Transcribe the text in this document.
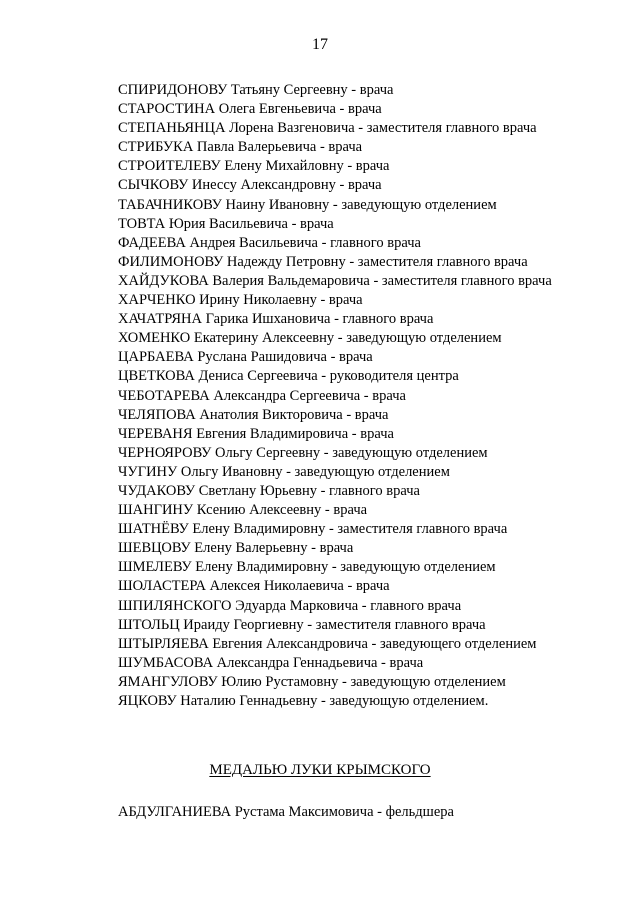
17
СПИРИДОНОВУ Татьяну Сергеевну - врача
СТАРОСТИНА Олега Евгеньевича - врача
СТЕПАНЬЯНЦА Лорена Вазгеновича - заместителя главного врача
СТРИБУКА Павла Валерьевича - врача
СТРОИТЕЛЕВУ Елену Михайловну - врача
СЫЧКОВУ Инессу Александровну - врача
ТАБАЧНИКОВУ Наину Ивановну - заведующую отделением
ТОВТА Юрия Васильевича - врача
ФАДЕЕВА Андрея Васильевича - главного врача
ФИЛИМОНОВУ Надежду Петровну - заместителя главного врача
ХАЙДУКОВА Валерия Вальдемаровича - заместителя главного врача
ХАРЧЕНКО Ирину Николаевну - врача
ХАЧАТРЯНА Гарика Ишхановича - главного врача
ХОМЕНКО Екатерину Алексеевну - заведующую отделением
ЦАРБАЕВА Руслана Рашидовича - врача
ЦВЕТКОВА Дениса Сергеевича - руководителя центра
ЧЕБОТАРЕВА Александра Сергеевича - врача
ЧЕЛЯПОВА Анатолия Викторовича - врача
ЧЕРЕВАНЯ Евгения Владимировича - врача
ЧЕРНОЯРОВУ Ольгу Сергеевну - заведующую отделением
ЧУГИНУ Ольгу Ивановну - заведующую отделением
ЧУДАКОВУ Светлану Юрьевну - главного врача
ШАНГИНУ Ксению Алексеевну - врача
ШАТНЁВУ Елену Владимировну - заместителя главного врача
ШЕВЦОВУ Елену Валерьевну - врача
ШМЕЛЕВУ Елену Владимировну - заведующую отделением
ШОЛАСТЕРА Алексея Николаевича - врача
ШПИЛЯНСКОГО Эдуарда Марковича - главного врача
ШТОЛЬЦ Ираиду Георгиевну - заместителя главного врача
ШТЫРЛЯЕВА Евгения Александровича - заведующего отделением
ШУМБАСОВА Александра Геннадьевича - врача
ЯМАНГУЛОВУ Юлию Рустамовну - заведующую отделением
ЯЦКОВУ Наталию Геннадьевну - заведующую отделением.
МЕДАЛЬЮ ЛУКИ КРЫМСКОГО
АБДУЛГАНИЕВА Рустама Максимовича - фельдшера
